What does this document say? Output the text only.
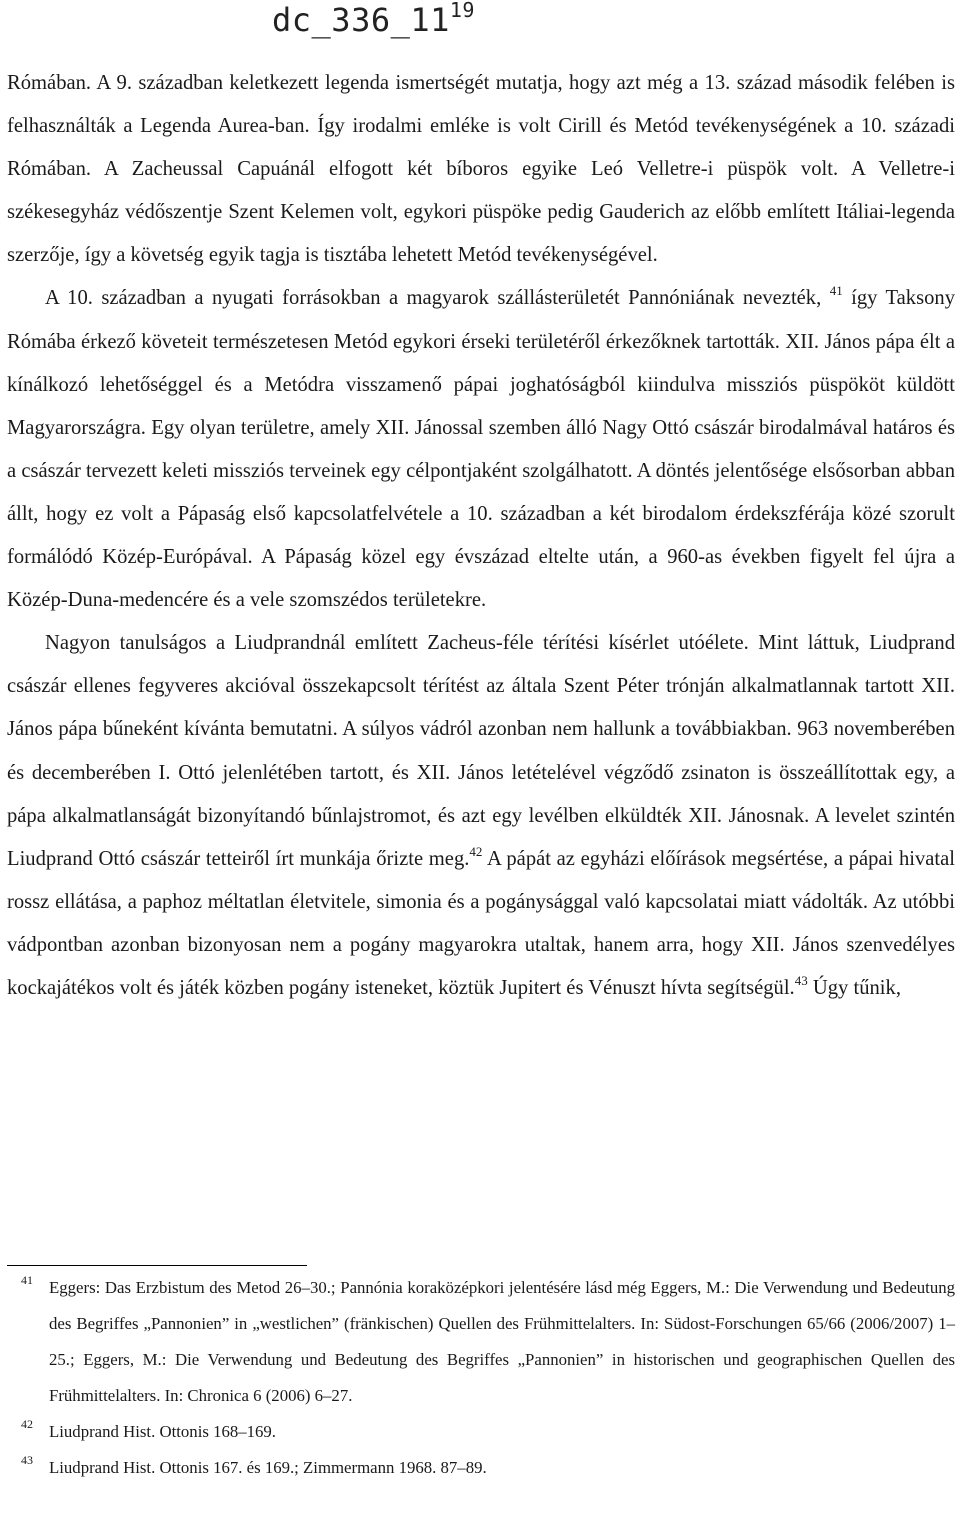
$dc\_336\_11^{19}$

Rómában. A 9. században keletkezett legenda ismertségét mutatja, hogy azt még a 13. század második felében is felhasználták a Legenda Aurea-ban. Így irodalmi emléke is volt Cirill és Metód tevékenységének a 10. századi Rómában. A Zacheussal Capuánál elfogott két bíboros egyike Leó Velletre-i püspök volt. A Velletre-i székesegyház védőszentje Szent Kelemen volt, egykori püspöke pedig Gauderich az előbb említett Itáliai-legenda szerzője, így a követség egyik tagja is tisztába lehetett Metód tevékenységével.

A 10. században a nyugati forrásokban a magyarok szállásterületét Pannóniának nevezték, $^{41}$ így Taksony Rómába érkező követeit természetesen Metód egykori érseki területéről érkezőknek tartották. XII. János pápa élt a kínálkozó lehetőséggel és a Metódra visszamenő pápai joghatóságból kiindulva missziós püspököt küldött Magyarországra. Egy olyan területre, amely XII. Jánossal szemben álló Nagy Ottó császár birodalmával határos és a császár tervezett keleti missziós terveinek egy célpontjaként szolgálhatott. A döntés jelentősége elsősorban abban állt, hogy ez volt a Pápaság első kapcsolatfelvétele a 10. században a két birodalom érdekszférája közé szorult formálódó Közép-Európával. A Pápaság közel egy évszázad eltelte után, a 960-as években figyelt fel újra a Közép-Duna-medencére és a vele szomszédos területekre.

Nagyon tanulságos a Liudprandnál említett Zacheus-féle térítési kísérlet utóélete. Mint láttuk, Liudprand császár ellenes fegyveres akcióval összekapcsolt térítést az általa Szent Péter trónján alkalmatlannak tartott XII. János pápa bűneként kívánta bemutatni. A súlyos vádról azonban nem hallunk a továbbiakban. 963 novemberében és decemberében I. Ottó jelenlétében tartott, és XII. János letételével végződő zsinaton is összeállítottak egy, a pápa alkalmatlanságát bizonyítandó bűnlajstromot, és azt egy levélben elküldték XII. Jánosnak. A levelet szintén Liudprand Ottó császár tetteiről írt munkája őrizte meg.$^{42}$ A pápát az egyházi előírások megsértése, a pápai hivatal rossz ellátása, a paphoz méltatlan életvitele, simonia és a pogánysággal való kapcsolatai miatt vádolták. Az utóbbi vádpontban azonban bizonyosan nem a pogány magyarokra utaltak, hanem arra, hogy XII. János szenvedélyes kockajátékos volt és játék közben pogány isteneket, köztük Jupitert és Vénuszt hívta segítségül.$^{43}$ Úgy tűnik,

41 Eggers: Das Erzbistum des Metod 26–30.; Pannónia koraközépkori jelentésére lásd még Eggers, M.: Die Verwendung und Bedeutung des Begriffes „Pannonien” in „westlichen” (fränkischen) Quellen des Frühmittelalters. In: Südost-Forschungen 65/66 (2006/2007) 1–25.; Eggers, M.: Die Verwendung und Bedeutung des Begriffes „Pannonien” in historischen und geographischen Quellen des Frühmittelalters. In: Chronica 6 (2006) 6–27.
42 Liudprand Hist. Ottonis 168–169.
43 Liudprand Hist. Ottonis 167. és 169.; Zimmermann 1968. 87–89.
